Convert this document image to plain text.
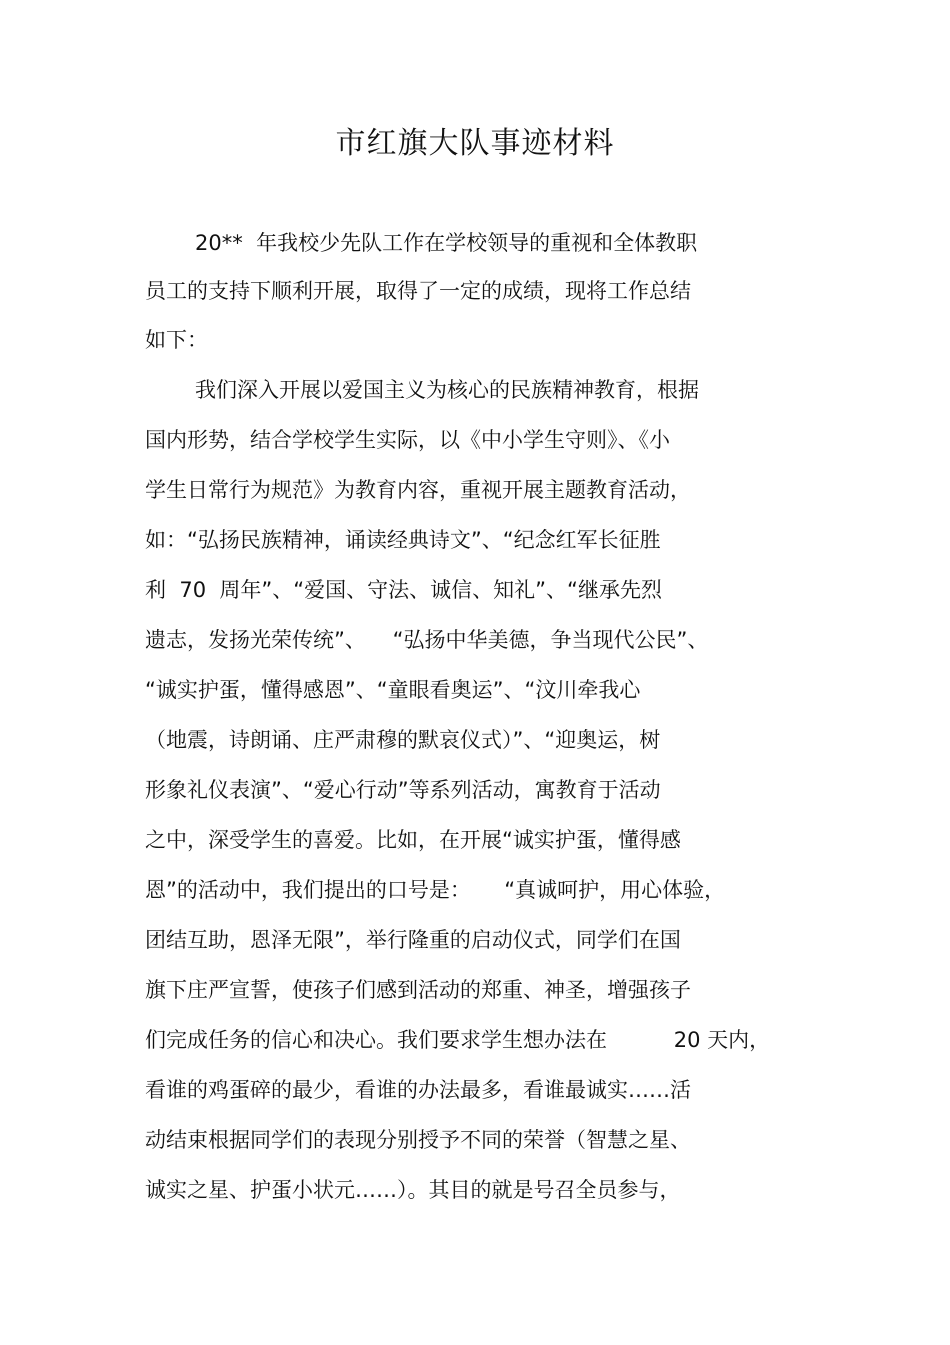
市红旗大队事迹材料

20**  年我校少先队工作在学校领导的重视和全体教职

员工的支持下顺利开展，取得了一定的成绩，现将工作总结

如下：

我们深入开展以爱国主义为核心的民族精神教育，根据

国内形势，结合学校学生实际，以《中小学生守则》、《小

学生日常行为规范》为教育内容，重视开展主题教育活动，

如：“弘扬民族精神，诵读经典诗文”、“纪念红军长征胜

利  70  周年”、“爱国、守法、诚信、知礼”、“继承先烈

遗志，发扬光荣传统”、    “弘扬中华美德，争当现代公民”、

“诚实护蛋，懂得感恩”、“童眼看奥运”、“汶川牵我心

（地震，诗朗诵、庄严肃穆的默哀仪式）”、“迎奥运，树

形象礼仪表演”、“爱心行动”等系列活动，寓教育于活动

之中，深受学生的喜爱。比如，在开展“诚实护蛋，懂得感

恩”的活动中，我们提出的口号是：     “真诚呵护，用心体验，

团结互助，恩泽无限”，举行隆重的启动仪式，同学们在国

旗下庄严宣誓，使孩子们感到活动的郑重、神圣，增强孩子

们完成任务的信心和决心。我们要求学生想办法在          20 天内，

看谁的鸡蛋碎的最少，看谁的办法最多，看谁最诚实……活

动结束根据同学们的表现分别授予不同的荣誉（智慧之星、

诚实之星、护蛋小状元……）。其目的就是号召全员参与，
